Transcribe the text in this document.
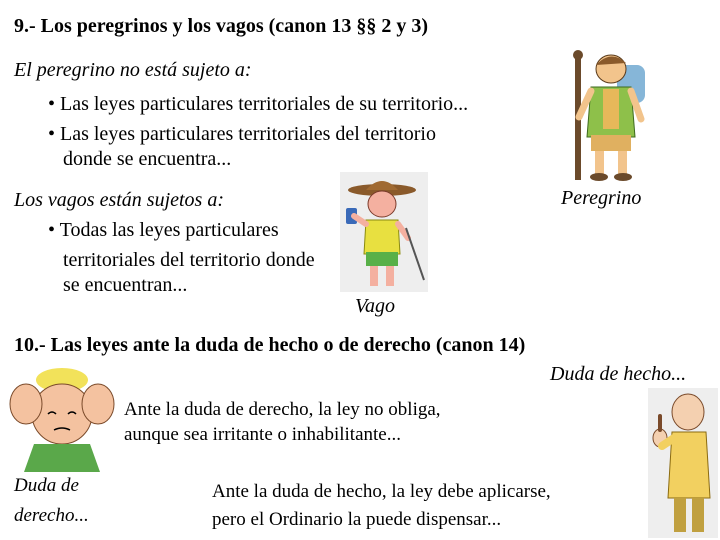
9.- Los peregrinos y los vagos (canon 13 §§ 2 y 3)
El peregrino no está sujeto a:
• Las leyes particulares territoriales de su territorio...
• Las leyes particulares territoriales del territorio
donde se encuentra...
Los vagos están sujetos a:
• Todas las leyes particulares
territoriales del territorio donde
se encuentran...
Peregrino
Vago
10.- Las leyes ante la duda de hecho o de derecho (canon 14)
Duda de hecho...
Ante la duda de derecho, la ley no obliga,
aunque sea irritante o inhabilitante...
Duda de
derecho...
Ante la duda de hecho, la ley debe aplicarse,
pero el Ordinario la puede dispensar...
